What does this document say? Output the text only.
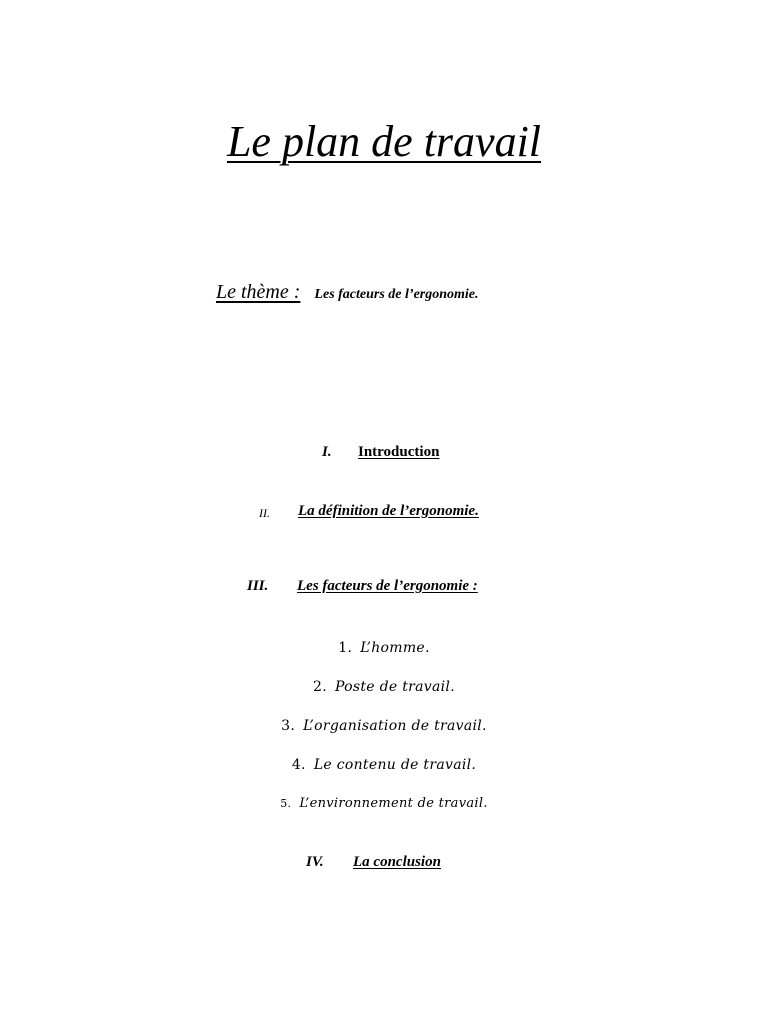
Le plan de travail
Le thème : Les facteurs de l’ergonomie.
I. Introduction
II. La définition de l’ergonomie.
III. Les facteurs de l’ergonomie :
1. L’homme.
2. Poste de travail.
3. L’organisation de travail.
4. Le contenu de travail.
5. L’environnement de travail.
IV. La conclusion
